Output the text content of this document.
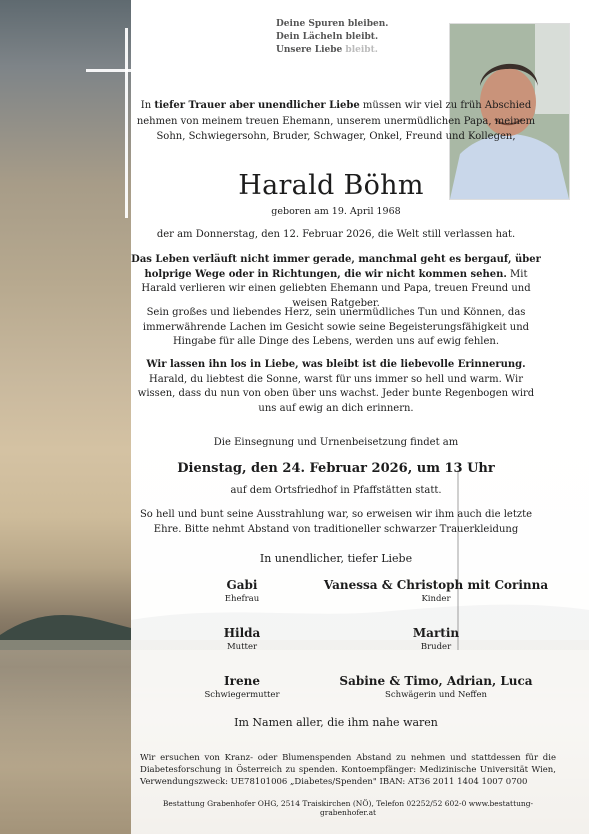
Deine Spuren bleiben.
Dein Lächeln bleibt.
Unsere Liebe bleibt.
In tiefer Trauer aber unendlicher Liebe müssen wir viel zu früh Abschied nehmen von meinem treuen Ehemann, unserem unermüdlichen Papa, meinem Sohn, Schwiegersohn, Bruder, Schwager, Onkel, Freund und Kollegen,
Harald Böhm
geboren am 19. April 1968
der am Donnerstag, den 12. Februar 2026, die Welt still verlassen hat.
Das Leben verläuft nicht immer gerade, manchmal geht es bergauf, über holprige Wege oder in Richtungen, die wir nicht kommen sehen. Mit Harald verlieren wir einen geliebten Ehemann und Papa, treuen Freund und weisen Ratgeber.
Sein großes und liebendes Herz, sein unermüdliches Tun und Können, das immerwährende Lachen im Gesicht sowie seine Begeisterungsfähigkeit und Hingabe für alle Dinge des Lebens, werden uns auf ewig fehlen.
Wir lassen ihn los in Liebe, was bleibt ist die liebevolle Erinnerung.
Harald, du liebtest die Sonne, warst für uns immer so hell und warm. Wir wissen, dass du nun von oben über uns wachst. Jeder bunte Regenbogen wird uns auf ewig an dich erinnern.
Die Einsegnung und Urnenbeisetzung findet am
Dienstag, den 24. Februar 2026, um 13 Uhr
auf dem Ortsfriedhof in Pfaffstätten statt.
So hell und bunt seine Ausstrahlung war, so erweisen wir ihm auch die letzte Ehre. Bitte nehmt Abstand von traditioneller schwarzer Trauerkleidung
In unendlicher, tiefer Liebe
Gabi
Ehefrau
Vanessa & Christoph mit Corinna
Kinder
Hilda
Mutter
Martin
Bruder
Irene
Schwiegermutter
Sabine & Timo, Adrian, Luca
Schwägerin und Neffen
Im Namen aller, die ihm nahe waren
Wir ersuchen von Kranz- oder Blumenspenden Abstand zu nehmen und stattdessen für die Diabetesforschung in Österreich zu spenden. Kontoempfänger: Medizinische Universität Wien, Verwendungszweck: UE78101006 „Diabetes/Spenden" IBAN: AT36 2011 1404 1007 0700
Bestattung Grabenhofer OHG, 2514 Traiskirchen (NÖ), Telefon 02252/52 602-0 www.bestattung-grabenhofer.at
